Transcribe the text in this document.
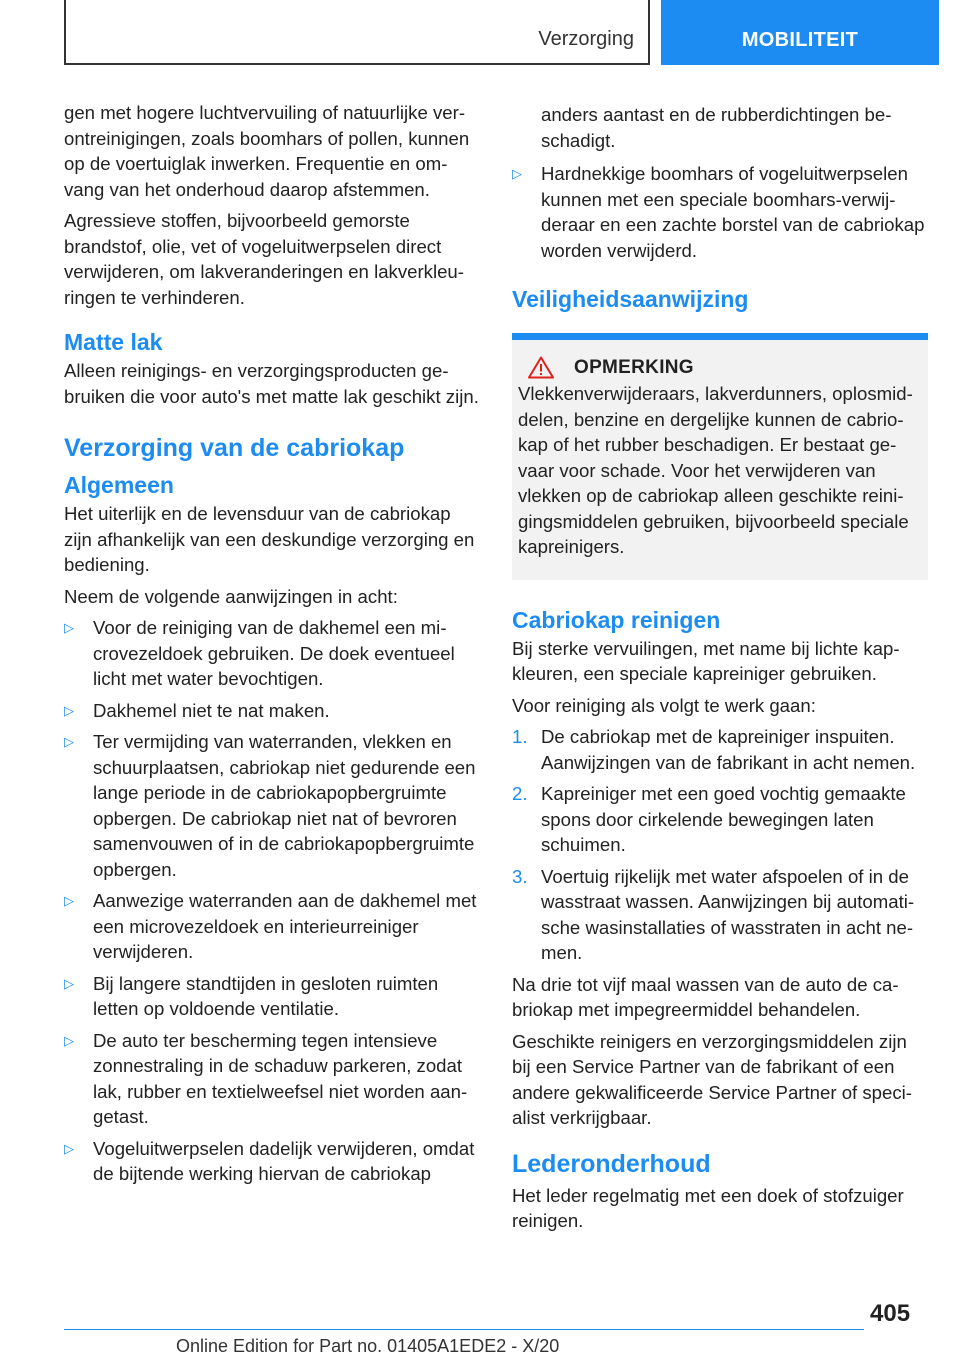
Verzorging	MOBILITEIT

gen met hogere luchtvervuiling of natuurlijke verontreinigingen, zoals boomhars of pollen, kunnen op de voertuiglak inwerken. Frequentie en omvang van het onderhoud daarop afstemmen.

Agressieve stoffen, bijvoorbeeld gemorste brandstof, olie, vet of vogeluitwerpselen direct verwijderen, om lakveranderingen en lakverkleuringen te verhinderen.

Matte lak

Alleen reinigings- en verzorgingsproducten gebruiken die voor auto's met matte lak geschikt zijn.

Verzorging van de cabriokap
Algemeen

Het uiterlijk en de levensduur van de cabriokap zijn afhankelijk van een deskundige verzorging en bediening.

Neem de volgende aanwijzingen in acht:

▷ Voor de reiniging van de dakhemel een microvezeldoek gebruiken. De doek eventueel licht met water bevochtigen.
▷ Dakhemel niet te nat maken.
▷ Ter vermijding van waterranden, vlekken en schuurplaatsen, cabriokap niet gedurende een lange periode in de cabriokapopbergruimte opbergen. De cabriokap niet nat of bevroren samenvouwen of in de cabriokapopbergruimte opbergen.
▷ Aanwezige waterranden aan de dakhemel met een microvezeldoek en interieurreiniger verwijderen.
▷ Bij langere standtijden in gesloten ruimten letten op voldoende ventilatie.
▷ De auto ter bescherming tegen intensieve zonnestraling in de schaduw parkeren, zodat lak, rubber en textielweefsel niet worden aangetast.
▷ Vogeluitwerpselen dadelijk verwijderen, omdat de bijtende werking hiervan de cabriokap

anders aantast en de rubberdichtingen beschadigt.

▷ Hardnekkige boomhars of vogeluitwerpselen kunnen met een speciale boomhars-verwijderaar en een zachte borstel van de cabriokap worden verwijderd.
Veiligheidsaanwijzing
OPMERKING

Vlekkenverwijderaars, lakverdunners, oplosmiddelen, benzine en dergelijke kunnen de cabriokap of het rubber beschadigen. Er bestaat gevaar voor schade. Voor het verwijderen van vlekken op de cabriokap alleen geschikte reinigingsmiddelen gebruiken, bijvoorbeeld speciale kapreinigers.

Cabriokap reinigen

Bij sterke vervuilingen, met name bij lichte kapkleuren, een speciale kapreiniger gebruiken.

Voor reiniging als volgt te werk gaan:

1. De cabriokap met de kapreiniger inspuiten. Aanwijzingen van de fabrikant in acht nemen.
2. Kapreiniger met een goed vochtig gemaakte spons door cirkelende bewegingen laten schuimen.
3. Voertuig rijkelijk met water afspoelen of in de wasstraat wassen. Aanwijzingen bij automatische wasinstallaties of wasstraten in acht nemen.

Na drie tot vijf maal wassen van de auto de cabriokap met impegreermiddel behandelen.

Geschikte reinigers en verzorgingsmiddelen zijn bij een Service Partner van de fabrikant of een andere gekwalificeerde Service Partner of specialist verkrijgbaar.

Lederonderhoud

Het leder regelmatig met een doek of stofzuiger reinigen.

405
Online Edition for Part no. 01405A1EDE2 - X/20
